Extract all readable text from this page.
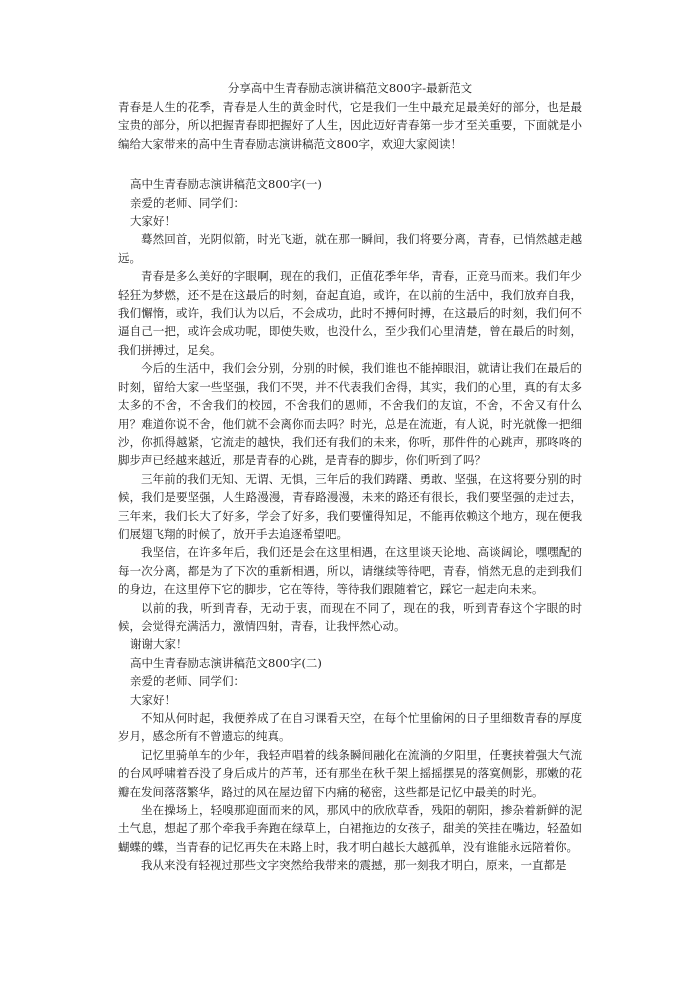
分享高中生青春励志演讲稿范文800字-最新范文

青春是人生的花季，青春是人生的黄金时代，它是我们一生中最充足最美好的部分，也是最宝贵的部分，所以把握青春即把握好了人生，因此迈好青春第一步才至关重要，下面就是小编给大家带来的高中生青春励志演讲稿范文800字，欢迎大家阅读！

高中生青春励志演讲稿范文800字(一)

亲爱的老师、同学们：

大家好！

蓦然回首，光阴似箭，时光飞逝，就在那一瞬间，我们将要分离，青春，已悄然越走越远。

青春是多么美好的字眼啊，现在的我们，正值花季年华，青春，正竞马而来。我们年少轻狂为梦燃，还不是在这最后的时刻，奋起直追，或许，在以前的生活中，我们放弃自我，我们懈惰，或许，我们认为以后，不会成功，此时不搏何时搏，在这最后的时刻，我们何不逼自己一把，或许会成功呢，即使失败，也没什么，至少我们心里清楚，曾在最后的时刻，我们拼搏过，足矣。

今后的生活中，我们会分别，分别的时候，我们谁也不能掉眼泪，就请让我们在最后的时刻，留给大家一些坚强，我们不哭，并不代表我们舍得，其实，我们的心里，真的有太多太多的不舍，不舍我们的校园，不舍我们的恩师，不舍我们的友谊，不舍，不舍又有什么用？难道你说不舍，他们就不会离你而去吗？时光，总是在流逝，有人说，时光就像一把细沙，你抓得越紧，它流走的越快，我们还有我们的未来，你听，那件件的心跳声，那咚咚的脚步声已经越来越近，那是青春的心跳，是青春的脚步，你们听到了吗？

三年前的我们无知、无谓、无惧，三年后的我们踌躇、勇敢、坚强，在这将要分别的时候，我们是要坚强，人生路漫漫，青春路漫漫，未来的路还有很长，我们要坚强的走过去，三年来，我们长大了好多，学会了好多，我们要懂得知足，不能再依赖这个地方，现在便我们展翅飞翔的时候了，放开手去追逐希望吧。

我坚信，在许多年后，我们还是会在这里相遇，在这里谈天论地、高谈阔论，嘿嘿配的每一次分离，都是为了下次的重新相遇，所以，请继续等待吧，青春，悄然无息的走到我们的身边，在这里停下它的脚步，它在等待，等待我们跟随着它，踩它一起走向未来。

以前的我，听到青春，无动于衷，而现在不同了，现在的我，听到青春这个字眼的时候，会觉得充满活力，激情四射，青春，让我怦然心动。

谢谢大家！

高中生青春励志演讲稿范文800字(二)

亲爱的老师、同学们：

大家好！

不知从何时起，我便养成了在自习课看天空，在每个忙里偷闲的日子里细数青春的厚度岁月，感念所有不曾遗忘的纯真。

记忆里骑单车的少年，我轻声唱着的线条瞬间融化在流淌的夕阳里，任裹挟着强大气流的台风呼啸着吞没了身后成片的芦苇，还有那坐在秋千架上摇摇摆晃的落寞侧影，那嫩的花瓣在发间落落繁华，路过的风在屋边留下内痛的秘密，这些都是记忆中最美的时光。

坐在操场上，轻嗅那迎面而来的风，那风中的欣欣草香，残阳的朝阳，掺杂着新鲜的泥土气息，想起了那个牵我手奔跑在绿草上，白裙拖边的女孩子，甜美的笑挂在嘴边，轻盈如蝴蝶的蝶，当青春的记忆再失在未路上时，我才明白越长大越孤单，没有谁能永远陪着你。

我从来没有轻视过那些文字突然给我带来的震撼，那一刻我才明白，原来，一直都是
